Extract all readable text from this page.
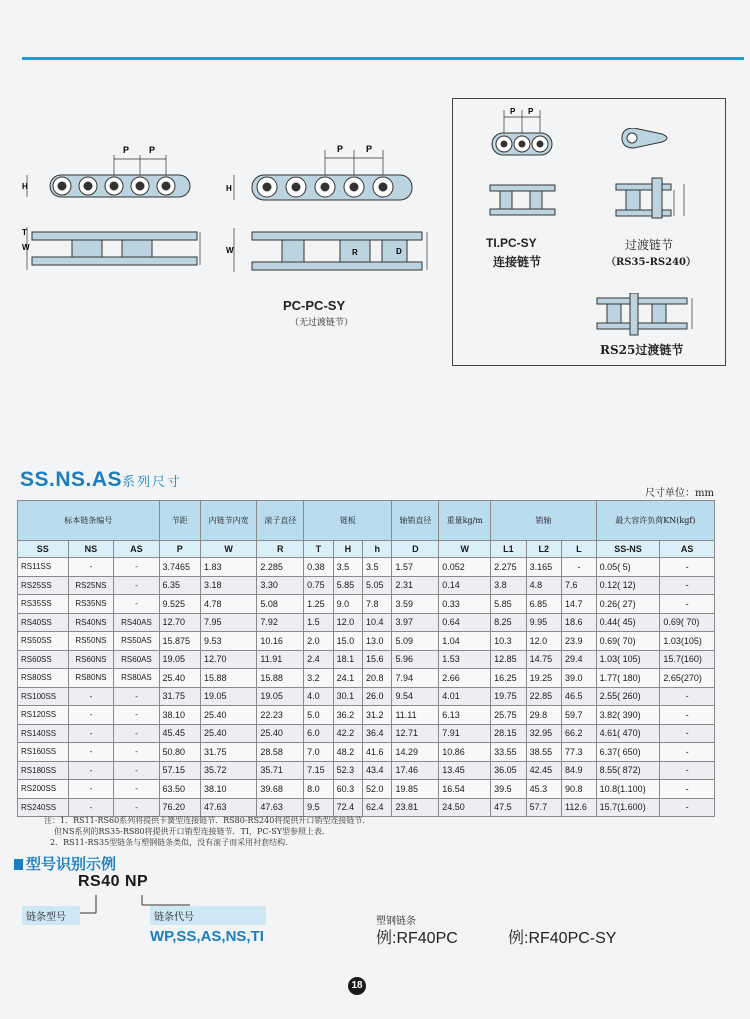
P P
H
W
T
P	P
H
W	R	D
PC-PC-SY
（无过渡链节）
P P
TI.PC-SY
连接链节
过渡链节
（RS35-RS240）
RS25过渡链节
SS.NS.AS系列尺寸
尺寸单位：mm
标本链条编号			节距	内链节内宽	滚子直径	链板			轴销直径	重量kg/m	销轴			最大容许负荷KN(kgf)	
SS	NS	AS	P	W	R	T	H	h	D	W	L1	L2	L	SS-NS	AS
RS11SS	-	-	3.7465	1.83	2.285	0.38	3.5	3.5	1.57	0.052	2.275	3.165	-	0.05( 5)	-
RS25SS	RS25NS	-	6.35	3.18	3.30	0.75	5.85	5.05	2.31	0.14	3.8	4.8	7.6	0.12( 12)	-
RS35SS	RS35NS	-	9.525	4.78	5.08	1.25	9.0	7.8	3.59	0.33	5.85	6.85	14.7	0.26( 27)	-
RS40SS	RS40NS	RS40AS	12.70	7.95	7.92	1.5	12.0	10.4	3.97	0.64	8.25	9.95	18.6	0.44( 45)	0.69( 70)
RS50SS	RS50NS	RS50AS	15.875	9.53	10.16	2.0	15.0	13.0	5.09	1.04	10.3	12.0	23.9	0.69( 70)	1.03(105)
RS60SS	RS60NS	RS60AS	19.05	12.70	11.91	2.4	18.1	15.6	5.96	1.53	12.85	14.75	29.4	1.03( 105)	15.7(160)
RS80SS	RS80NS	RS80AS	25.40	15.88	15.88	3.2	24.1	20.8	7.94	2.66	16.25	19.25	39.0	1.77( 180)	2.65(270)
RS100SS	-	-	31.75	19.05	19.05	4.0	30.1	26.0	9.54	4.01	19.75	22.85	46.5	2.55( 260)	-
RS120SS	-	-	38.10	25.40	22.23	5.0	36.2	31.2	11.11	6.13	25.75	29.8	59.7	3.82( 390)	-
RS140SS	-	-	45.45	25.40	25.40	6.0	42.2	36.4	12.71	7.91	28.15	32.95	66.2	4.61( 470)	-
RS160SS	-	-	50.80	31.75	28.58	7.0	48.2	41.6	14.29	10.86	33.55	38.55	77.3	6.37( 650)	-
RS180SS	-	-	57.15	35.72	35.71	7.15	52.3	43.4	17.46	13.45	36.05	42.45	84.9	8.55( 872)	-
RS200SS	-	-	63.50	38.10	39.68	8.0	60.3	52.0	19.85	16.54	39.5	45.3	90.8	10.8(1.100)	-
RS240SS	-	-	76.20	47.63	47.63	9.5	72.4	62.4	23.81	24.50	47.5	57.7	112.6	15.7(1.600)	-
注：1．RS11-RS60系列将提供卡簧型连接链节．RS80-RS240将提供开口销型连接链节．
但NS系列的RS35-RS80将提供开口销型连接链节．TI，PC-SY型参照上表．
2．RS11-RS35型链条与塑钢链条类似，没有滚子而采用衬套结构．
型号识别示例
RS40 NP
链条型号	链条代号
WP,SS,AS,NS,TI
塑钢链条
例:RF40PC	例:RF40PC-SY
18
